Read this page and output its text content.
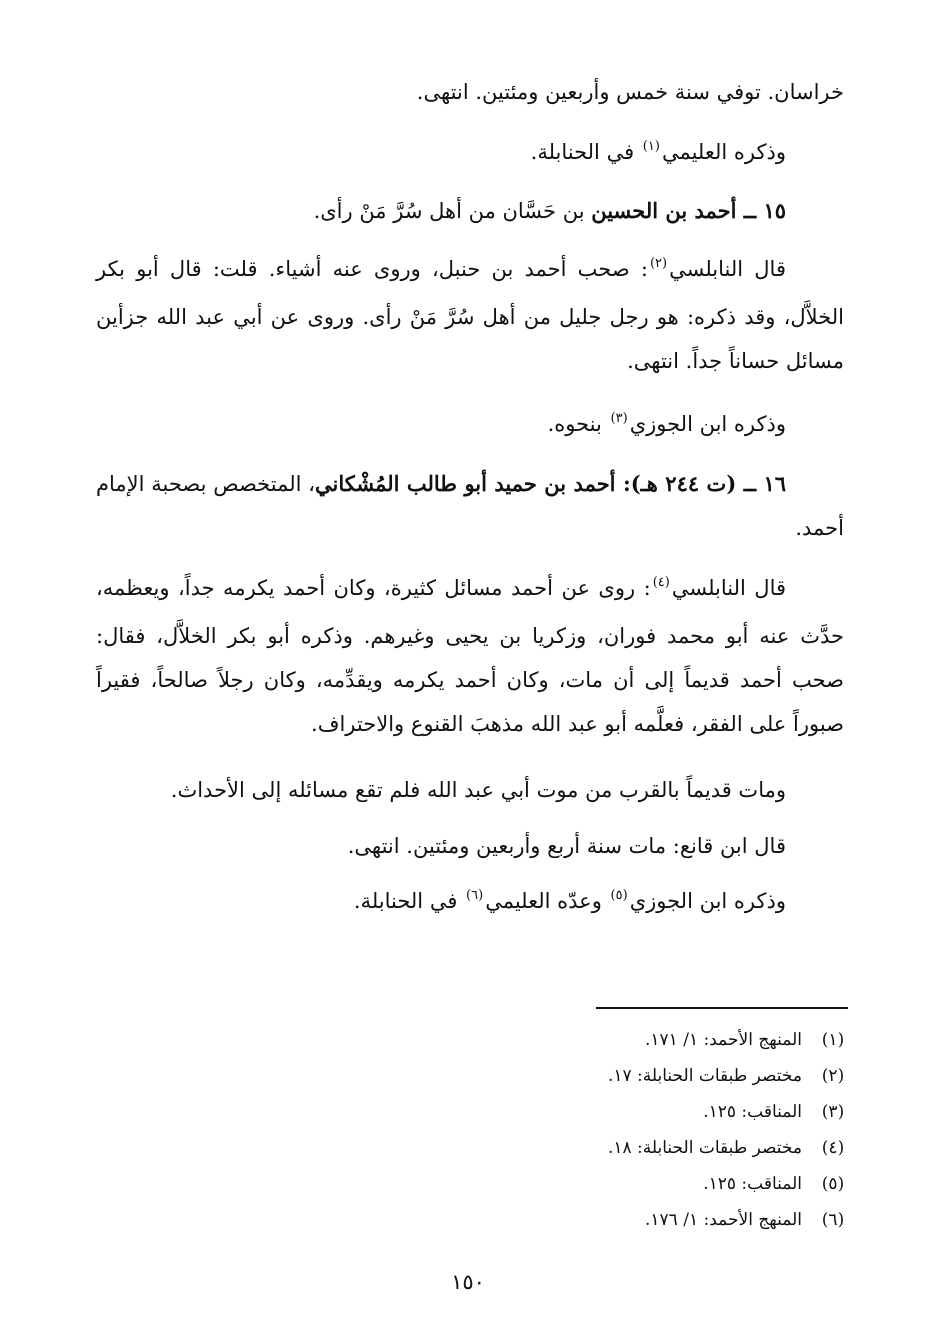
خراسان. توفي سنة خمس وأربعين ومئتين. انتهى.

وذكره العليمي$^{(١)}$ في الحنابلة.

١٥ ــ أحمد بن الحسين بن حَسَّان من أهل سُرَّ مَنْ رأى.

قال النابلسي$^{(٢)}$: صحب أحمد بن حنبل، وروى عنه أشياء. قلت: قال أبو بكر الخلاَّل، وقد ذكره: هو رجل جليل من أهل سُرَّ مَنْ رأى. وروى عن أبي عبد الله جزأين مسائل حساناً جداً. انتهى.

وذكره ابن الجوزي$^{(٣)}$ بنحوه.

١٦ ــ (ت ٢٤٤ هـ): أحمد بن حميد أبو طالب المُشْكاني، المتخصص بصحبة الإمام أحمد.

قال النابلسي$^{(٤)}$: روى عن أحمد مسائل كثيرة، وكان أحمد يكرمه جداً، ويعظمه، حدَّث عنه أبو محمد فوران، وزكريا بن يحيى وغيرهم. وذكره أبو بكر الخلاَّل، فقال: صحب أحمد قديماً إلى أن مات، وكان أحمد يكرمه ويقدِّمه، وكان رجلاً صالحاً، فقيراً صبوراً على الفقر، فعلَّمه أبو عبد الله مذهبَ القنوع والاحتراف.

ومات قديماً بالقرب من موت أبي عبد الله فلم تقع مسائله إلى الأحداث.

قال ابن قانع: مات سنة أربع وأربعين ومئتين. انتهى.

وذكره ابن الجوزي$^{(٥)}$ وعدّه العليمي$^{(٦)}$ في الحنابلة.

(١)المنهج الأحمد: ١/ ١٧١.
(٢)مختصر طبقات الحنابلة: ١٧.
(٣)المناقب: ١٢٥.
(٤)مختصر طبقات الحنابلة: ١٨.
(٥)المناقب: ١٢٥.
(٦)المنهج الأحمد: ١/ ١٧٦.
١٥٠
